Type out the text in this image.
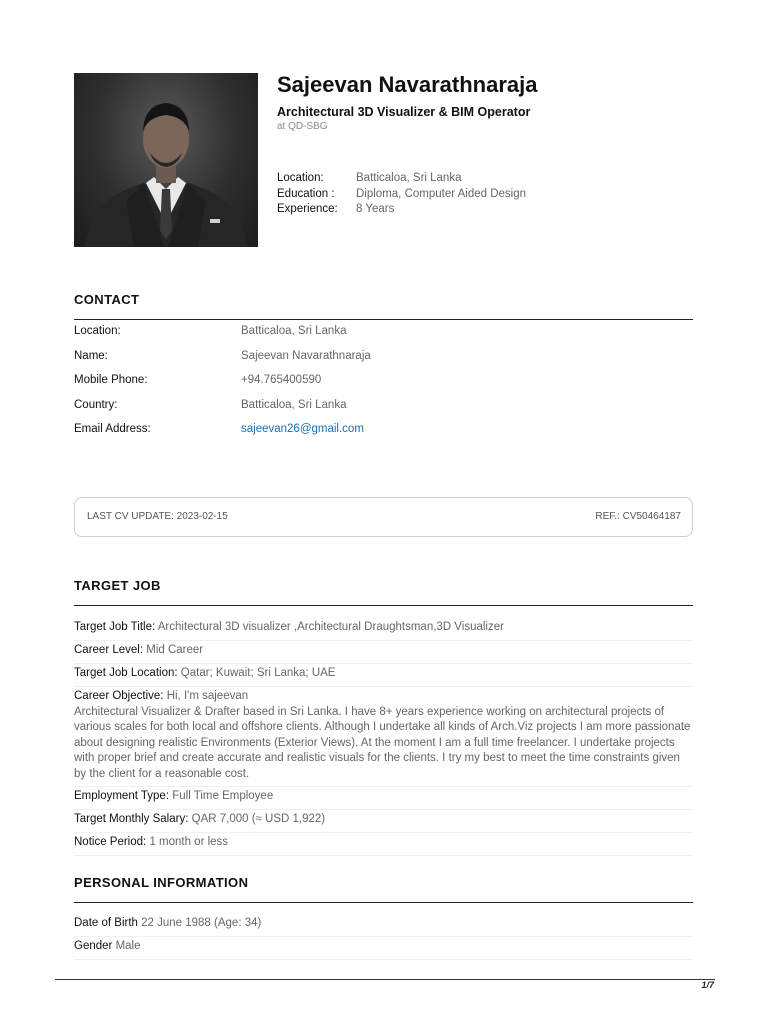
Sajeevan Navarathnaraja
Architectural 3D Visualizer & BIM Operator
at QD-SBG
Location:	Batticaloa, Sri Lanka
Education :	Diploma, Computer Aided Design
Experience:	8 Years
CONTACT
Location:	Batticaloa, Sri Lanka
Name:	Sajeevan Navarathnaraja
Mobile Phone:	+94.765400590
Country:	Batticaloa, Sri Lanka
Email Address:	sajeevan26@gmail.com
LAST CV UPDATE: 2023-02-15	REF.: CV50464187
TARGET JOB
Target Job Title: Architectural 3D visualizer ,Architectural Draughtsman,3D Visualizer
Career Level: Mid Career
Target Job Location: Qatar; Kuwait; Sri Lanka; UAE
Career Objective: Hi, I'm sajeevan
Architectural Visualizer & Drafter based in Sri Lanka. I have 8+ years experience working on architectural projects of various scales for both local and offshore clients. Although I undertake all kinds of Arch.Viz projects I am more passionate about designing realistic Environments (Exterior Views). At the moment I am a full time freelancer. I undertake projects with proper brief and create accurate and realistic visuals for the clients. I try my best to meet the time constraints given by the client for a reasonable cost.
Employment Type: Full Time Employee
Target Monthly Salary: QAR 7,000 (≈ USD 1,922)
Notice Period: 1 month or less
PERSONAL INFORMATION
Date of Birth 22 June 1988 (Age: 34)
Gender Male
1/7
